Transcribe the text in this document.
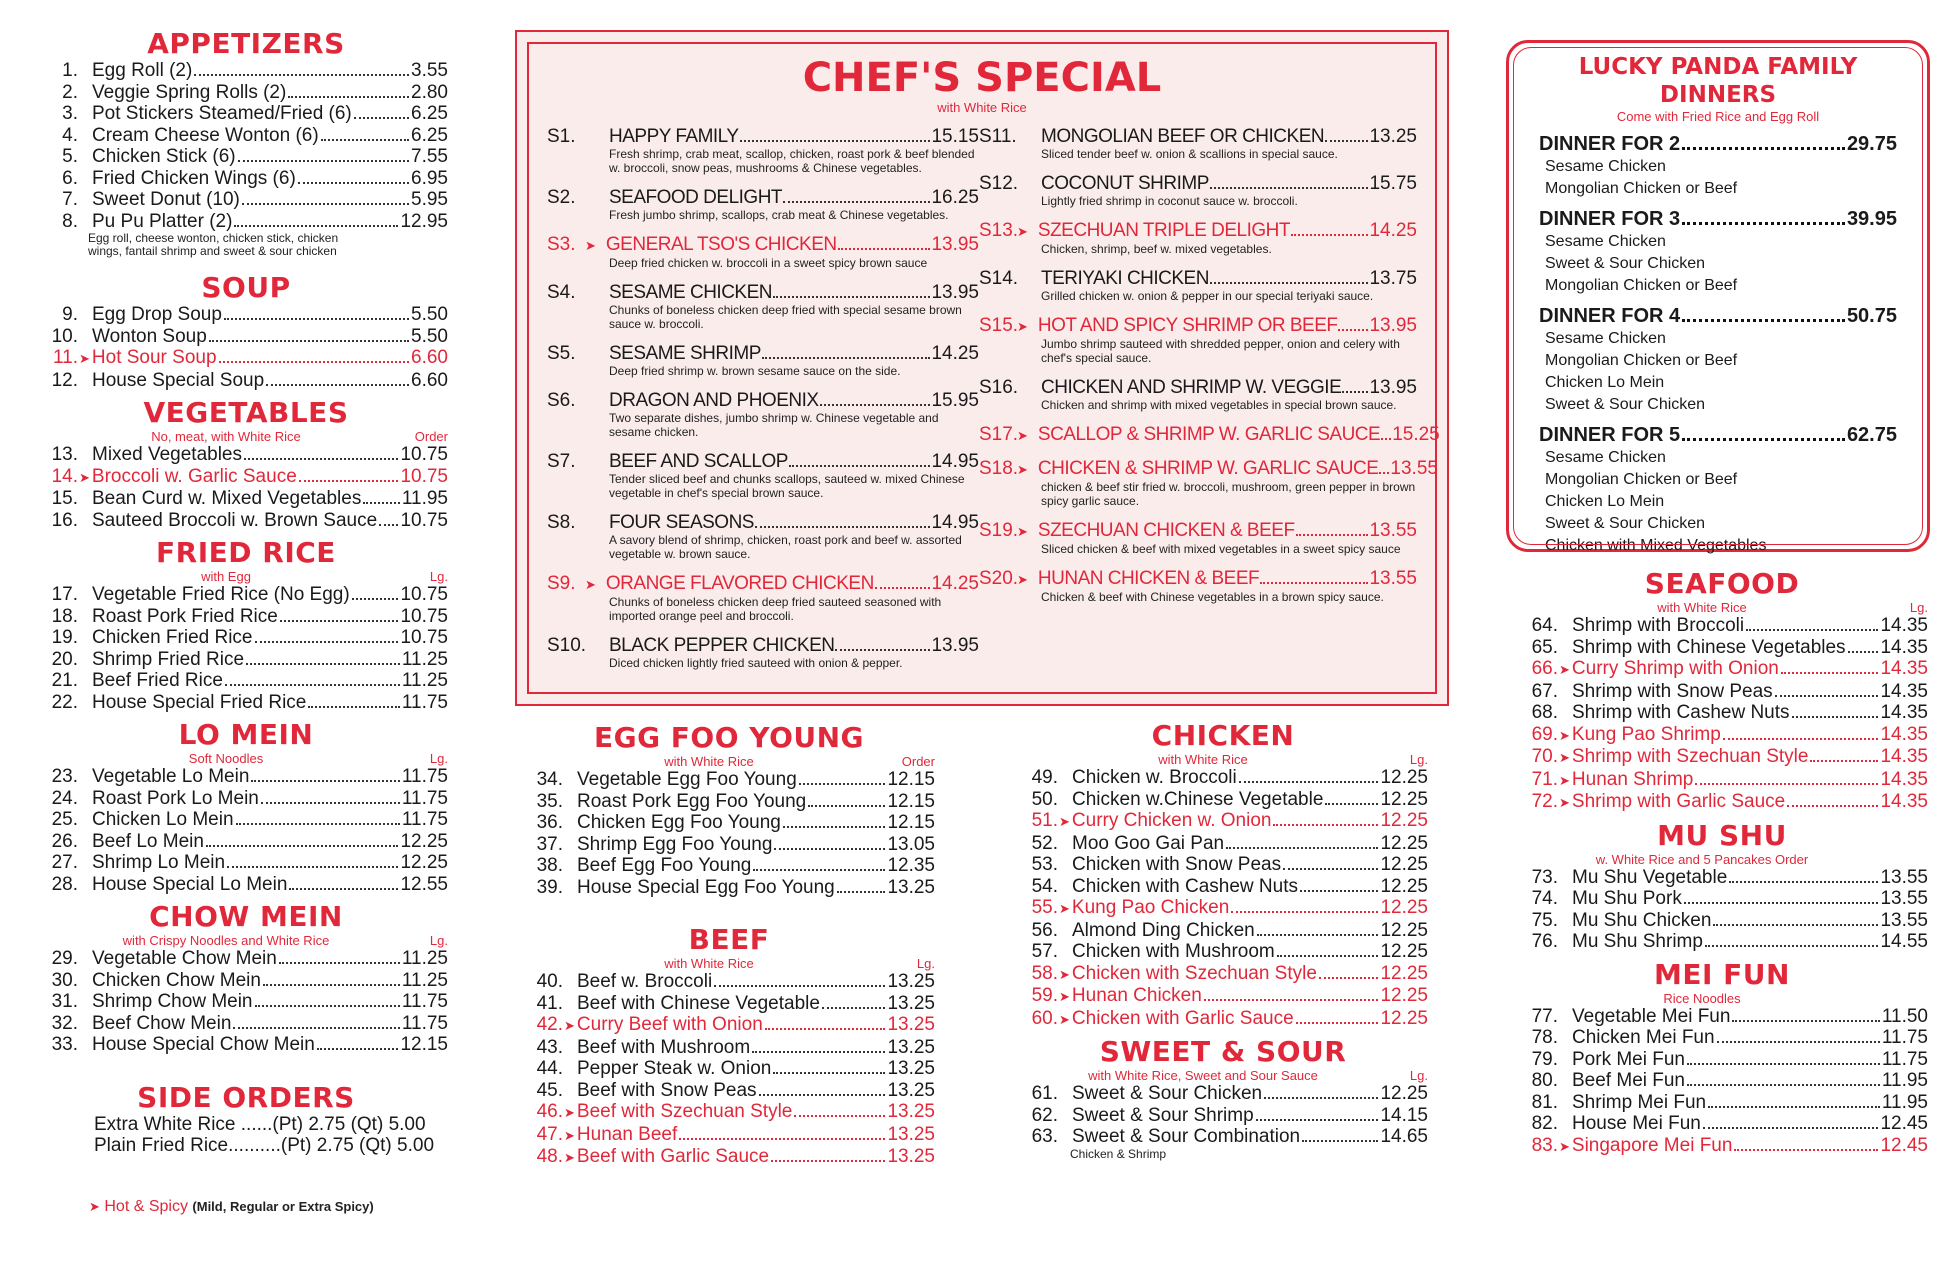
APPETIZERS
1. Egg Roll (2)	3.55
2. Veggie Spring Rolls (2)	2.80
3. Pot Stickers Steamed/Fried (6)	6.25
4. Cream Cheese Wonton (6)	6.25
5. Chicken Stick (6)	7.55
6. Fried Chicken Wings (6)	6.95
7. Sweet Donut (10)	5.95
8. Pu Pu Platter (2)	12.95
Egg roll, cheese wonton, chicken stick, chicken wings, fantail shrimp and sweet & sour chicken
SOUP
9. Egg Drop Soup	5.50
10. Wonton Soup	5.50
11. ➤ Hot Sour Soup	6.60
12. House Special Soup	6.60
VEGETABLES
No, meat, with White Rice	Order
13. Mixed Vegetables	10.75
14. ➤ Broccoli w. Garlic Sauce	10.75
15. Bean Curd w. Mixed Vegetables 11.95
16. Sauteed Broccoli w. Brown Sauce 10.75
FRIED RICE
with Egg	Lg.
17. Vegetable Fried Rice (No Egg)	10.75
18. Roast Pork Fried Rice	10.75
19. Chicken Fried Rice	10.75
20. Shrimp Fried Rice	11.25
21. Beef Fried Rice	11.25
22. House Special Fried Rice	11.75
LO MEIN
Soft Noodles	Lg.
23. Vegetable Lo Mein	11.75
24. Roast Pork Lo Mein	11.75
25. Chicken Lo Mein	11.75
26. Beef Lo Mein	12.25
27. Shrimp Lo Mein	12.25
28. House Special Lo Mein	12.55
CHOW MEIN
with Crispy Noodles and White Rice	Lg.
29. Vegetable Chow Mein	11.25
30. Chicken Chow Mein	11.25
31. Shrimp Chow Mein	11.75
32. Beef Chow Mein	11.75
33. House Special Chow Mein	12.15
SIDE ORDERS
Extra White Rice ......(Pt) 2.75 (Qt) 5.00
Plain Fried Rice..........(Pt) 2.75 (Qt) 5.00
➤ Hot & Spicy (Mild, Regular or Extra Spicy)
CHEF'S SPECIAL
with White Rice
S1.	HAPPY FAMILY	15.15
Fresh shrimp, crab meat, scallop, chicken, roast pork & beef blended w. broccoli, snow peas, mushrooms & Chinese vegetables.
S2.	SEAFOOD DELIGHT	16.25
Fresh jumbo shrimp, scallops, crab meat & Chinese vegetables.
S3. ➤ GENERAL TSO'S CHICKEN	13.95
Deep fried chicken w. broccoli in a sweet spicy brown sauce
S4.	SESAME CHICKEN	13.95
Chunks of boneless chicken deep fried with special sesame brown sauce w. broccoli.
S5.	SESAME SHRIMP	14.25
Deep fried shrimp w. brown sesame sauce on the side.
S6.	DRAGON AND PHOENIX	15.95
Two separate dishes, jumbo shrimp w. Chinese vegetable and sesame chicken.
S7.	BEEF AND SCALLOP	14.95
Tender sliced beef and chunks scallops, sauteed w. mixed Chinese vegetable in chef's special brown sauce.
S8.	FOUR SEASONS	14.95
A savory blend of shrimp, chicken, roast pork and beef w. assorted vegetable w. brown sauce.
S9. ➤ ORANGE FLAVORED CHICKEN	14.25
Chunks of boneless chicken deep fried sauteed seasoned with imported orange peel and broccoli.
S10.	BLACK PEPPER CHICKEN	13.95
Diced chicken lightly fried sauteed with onion & pepper.
S11.	MONGOLIAN BEEF OR CHICKEN 13.25
Sliced tender beef w. onion & scallions in special sauce.
S12.	COCONUT SHRIMP	15.75
Lightly fried shrimp in coconut sauce w. broccoli.
S13.
➤ SZECHUAN TRIPLE DELIGHT	14.25
Chicken, shrimp, beef w. mixed vegetables.
S14.	TERIYAKI CHICKEN	13.75
Grilled chicken w. onion & pepper in our special teriyaki sauce.
S15.
➤ HOT AND SPICY SHRIMP OR BEEF 13.95
Jumbo shrimp sauteed with shredded pepper, onion and celery with chef's special sauce.
S16.	CHICKEN AND SHRIMP W. VEGGIE 13.95
Chicken and shrimp with mixed vegetables in special brown sauce.
S17.
➤ SCALLOP & SHRIMP W. GARLIC SAUCE 15.25
S18.
➤ CHICKEN & SHRIMP W. GARLIC SAUCE 13.55
chicken & beef stir fried w. broccoli, mushroom, green pepper in brown spicy garlic sauce.
S19.
➤ SZECHUAN CHICKEN & BEEF	13.55
Sliced chicken & beef with mixed vegetables in a sweet spicy sauce
S20.
➤ HUNAN CHICKEN & BEEF	13.55
Chicken & beef with Chinese vegetables in a brown spicy sauce.
EGG FOO YOUNG
with White Rice	Order
34. Vegetable Egg Foo Young	12.15
35. Roast Pork Egg Foo Young	12.15
36. Chicken Egg Foo Young	12.15
37. Shrimp Egg Foo Young	13.05
38. Beef Egg Foo Young	12.35
39. House Special Egg Foo Young	13.25
BEEF
with White Rice	Lg.
40. Beef w. Broccoli	13.25
41. Beef with Chinese Vegetable	13.25
42. ➤ Curry Beef with Onion	13.25
43. Beef with Mushroom	13.25
44. Pepper Steak w. Onion	13.25
45. Beef with Snow Peas	13.25
46. ➤ Beef with Szechuan Style	13.25
47. ➤ Hunan Beef	13.25
48. ➤ Beef with Garlic Sauce	13.25
CHICKEN
with White Rice	Lg.
49. Chicken w. Broccoli	12.25
50. Chicken w.Chinese Vegetable	12.25
51. ➤ Curry Chicken w. Onion	12.25
52. Moo Goo Gai Pan	12.25
53. Chicken with Snow Peas	12.25
54. Chicken with Cashew Nuts	12.25
55. ➤ Kung Pao Chicken	12.25
56. Almond Ding Chicken	12.25
57. Chicken with Mushroom	12.25
58. ➤ Chicken with Szechuan Style	12.25
59. ➤ Hunan Chicken	12.25
60. ➤ Chicken with Garlic Sauce	12.25
SWEET & SOUR
with White Rice, Sweet and Sour Sauce	Lg.
61. Sweet & Sour Chicken	12.25
62. Sweet & Sour Shrimp	14.15
63. Sweet & Sour Combination	14.65
Chicken & Shrimp
LUCKY PANDA FAMILY DINNERS
Come with Fried Rice and Egg Roll
DINNER FOR 2	29.75
Sesame Chicken
Mongolian Chicken or Beef
DINNER FOR 3	39.95
Sesame Chicken
Sweet & Sour Chicken
Mongolian Chicken or Beef
DINNER FOR 4	50.75
Sesame Chicken
Mongolian Chicken or Beef
Chicken Lo Mein
Sweet & Sour Chicken
DINNER FOR 5	62.75
Sesame Chicken
Mongolian Chicken or Beef
Chicken Lo Mein
Sweet & Sour Chicken
Chicken with Mixed Vegetables
SEAFOOD
with White Rice	Lg.
64. Shrimp with Broccoli	14.35
65. Shrimp with Chinese Vegetables 14.35
66. ➤ Curry Shrimp with Onion	14.35
67. Shrimp with Snow Peas	14.35
68. Shrimp with Cashew Nuts	14.35
69. ➤ Kung Pao Shrimp	14.35
70. ➤ Shrimp with Szechuan Style	14.35
71. ➤ Hunan Shrimp	14.35
72. ➤ Shrimp with Garlic Sauce	14.35
MU SHU
w. White Rice and 5 Pancakes Order
73. Mu Shu Vegetable	13.55
74. Mu Shu Pork	13.55
75. Mu Shu Chicken	13.55
76. Mu Shu Shrimp	14.55
MEI FUN
Rice Noodles
77. Vegetable Mei Fun	11.50
78. Chicken Mei Fun	11.75
79. Pork Mei Fun	11.75
80. Beef Mei Fun	11.95
81. Shrimp Mei Fun	11.95
82. House Mei Fun	12.45
83. ➤ Singapore Mei Fun	12.45
